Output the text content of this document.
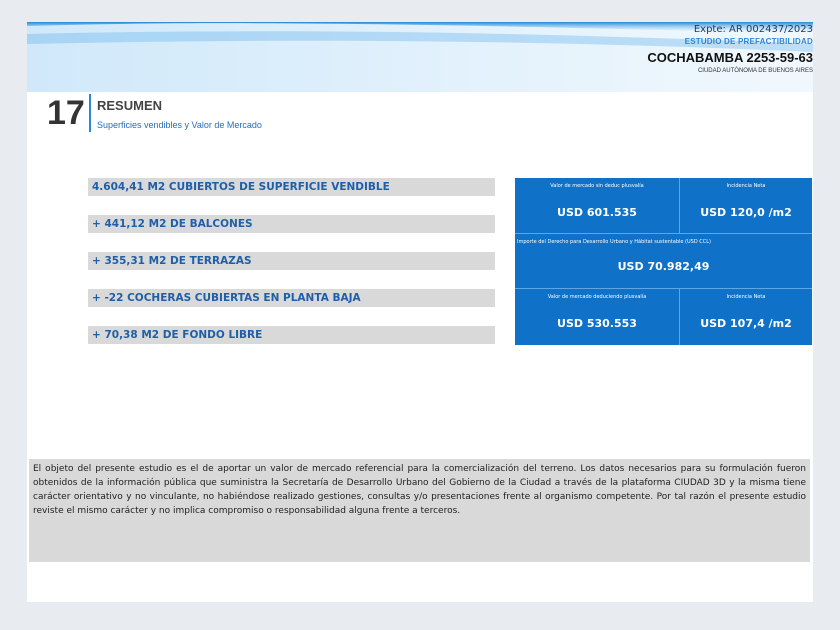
Expte: AR 002437/2023
ESTUDIO DE PREFACTIBILIDAD
COCHABAMBA 2253-59-63
CIUDAD AUTÓNOMA DE BUENOS AIRES
17 RESUMEN
Superficies vendibles y Valor de Mercado
4.604,41 M2 CUBIERTOS DE SUPERFICIE VENDIBLE
+ 441,12 M2 DE BALCONES
+ 355,31 M2 DE TERRAZAS
+ -22 COCHERAS CUBIERTAS EN PLANTA BAJA
+ 70,38 M2 DE FONDO LIBRE
Valor de mercado sin deduc plusvalía
USD 601.535
Incidencia Neta
USD 120,0 /m2
Importe del Derecho para Desarrollo Urbano y Hábitat sustentable (USD CCL)
USD 70.982,49
Valor de mercado deduciendo plusvalía
USD 530.553
Incidencia Neta
USD 107,4 /m2
El objeto del presente estudio es el de aportar un valor de mercado referencial para la comercialización del terreno. Los datos necesarios para su formulación fueron obtenidos de la información pública que suministra la Secretaría de Desarrollo Urbano del Gobierno de la Ciudad a través de la plataforma CIUDAD 3D y la misma tiene carácter orientativo y no vinculante, no habiéndose realizado gestiones, consultas y/o presentaciones frente al organismo competente. Por tal razón el presente estudio reviste el mismo carácter y no implica compromiso o responsabilidad alguna frente a terceros.
